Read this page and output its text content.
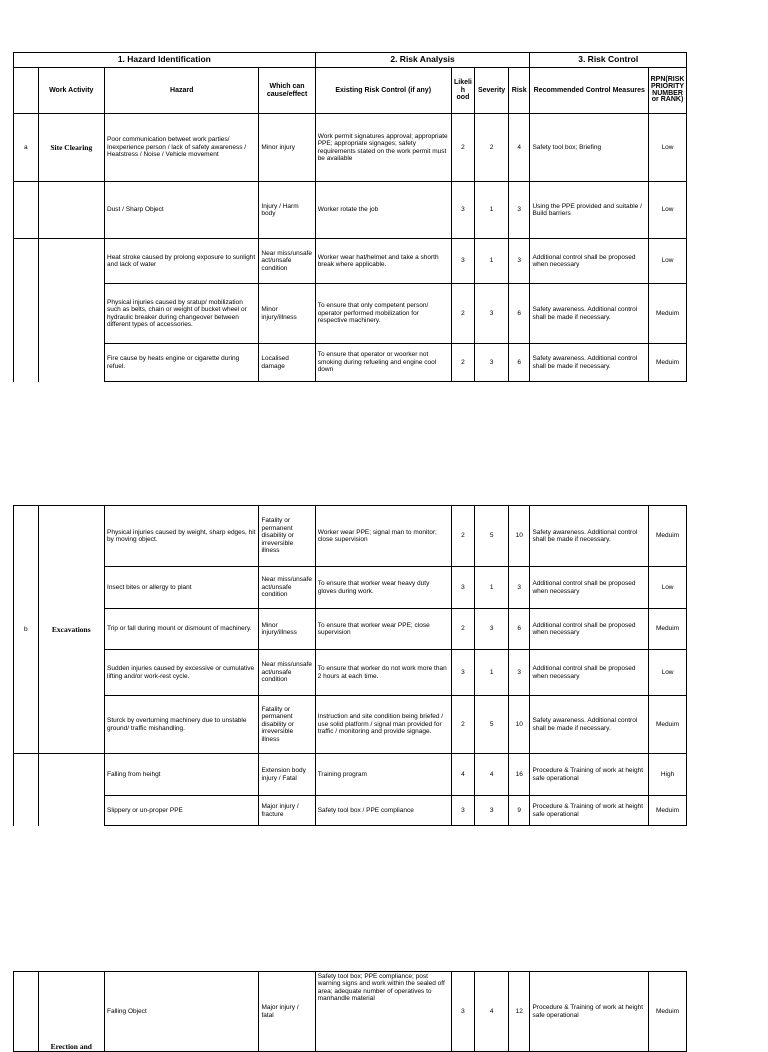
1. Hazard Identification				2. Risk Analysis				3. Risk Control	
	Work Activity	Hazard	Which can cause/effect	Existing Risk Control (if any)	Likelih ood	Severity	Risk	Recommended Control Measures	RPN(RISK PRIORITY NUMBER or RANK)
a	Site Clearing	Poor communication betweet work parties/ Inexperience person / lack of safety awareness / Heatstress / Noise / Vehicle movement	Minor injury	Work permit signatures approval; appropriate PPE; appropriate signages; safety requirements stated on the work permit must be available	2	2	4	Safety tool box; Briefing	Low
		Dust / Sharp Object	Injury / Harm body	Worker rotate the job	3	1	3	Using the PPE provided and suitable / Build barriers	Low
		Heat stroke caused by prolong exposure to sunlight and lack of water	Near miss/unsafe act/unsafe condition	Worker wear hat/helmet and take a shorth break where applicable.	3	1	3	Additional control shall be proposed when necessary	Low
		Physical injuries caused by sratup/ mobilization such as belts, chain or weight of bucket wheel or hydraulic breaker during changeover between different types of accessories.	Minor injury/illness	To ensure that only competent person/ operator performed mobilization for respective machinery.	2	3	6	Safety awareness. Additional control shall be made if necessary.	Meduim
		Fire cause by heats engine or cigarette during refuel.	Localised damage	To ensure that operator or woorker not smoking during refueling and engine cool down	2	3	6	Safety awareness. Additional control shall be made if necessary.	Meduim
b	Excavations	Physical injuries caused by weight, sharp edges, hit by moving object.	Fatality or permanent disability or irreversible illness	Worker wear PPE; signal man to monitor; close supervision	2	5	10	Safety awareness. Additional control shall be made if necessary.	Meduim
		Insect bites or allergy to plant	Near miss/unsafe act/unsafe condition	To ensure that worker wear heavy duty gloves during work.	3	1	3	Additional control shall be proposed when necessary	Low
		Trip or fall during mount or dismount of machinery.	Minor injury/illness	To ensure that worker wear PPE; close supervision	2	3	6	Additional control shall be proposed when necessary	Meduim
		Sudden injuries caused by excessive or cumulative lifting and/or work-rest cycle.	Near miss/unsafe act/unsafe condition	To ensure that worker do not work more than 2 hours at each time.	3	1	3	Additional control shall be proposed when necessary	Low
		Sturck by overturning machinery due to unstable ground/ traffic mishandling.	Fatality or permanent disability or irreversible illness	Instruction and site condition being briefed / use solid platform / signal man provided for traffic / monitoring and provide signage.	2	5	10	Safety awareness. Additional control shall be made if necessary.	Meduim
		Falling from heihgt	Extension body injury / Fatal	Training program	4	4	16	Procedure & Training of work at height safe operational	High
		Slippery or un-proper PPE	Major injury / fracture	Safety tool box / PPE compliance	3	3	9	Procedure & Training of work at height safe operational	Meduim
	Erection and	Falling Object	Major injury / fatal	Safety tool box; PPE compliance; post warning signs and work within the sealed off area; adequate number of operatives to manhandle material	3	4	12	Procedure & Training of work at height safe operational	Meduim
